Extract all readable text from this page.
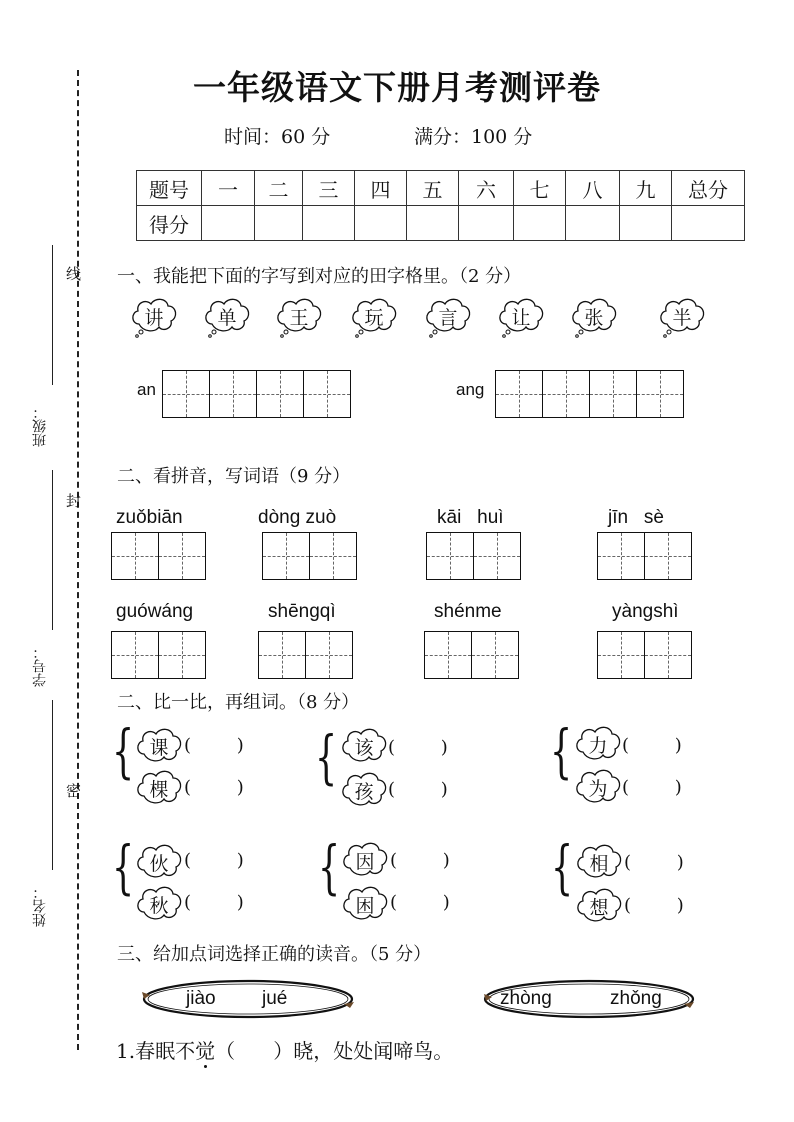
线
封
密
班级：
学号：
姓名：
一年级语文下册月考测评卷
时间：60 分	满分：100 分
题号	一	二	三	四	五	六	七	八	九	总分
得分										
一、我能把下面的字写到对应的田字格里。（2 分）
讲	单	王	玩	言	让	张	半
an	ang
二、看拼音，写词语（9 分）
zuǒbiān	dòng zuò	kāi   huì	jīn   sè
guówáng	shēngqì	shénme	yàngshì
二、比一比，再组词。（8 分）
{ 课 (        )
棵 (        ) { 该 (        )
孩 (        )
{ 力 (        )
为 (        )
{ 伙 (        )
秋 (        )
{ 因 (        )
困 (        )
{ 相 (        )
想 (        )
三、给加点词选择正确的读音。（5 分）
jiào jué	zhòng	zhǒng
1.春眠不觉（      ）晓，处处闻啼鸟。
